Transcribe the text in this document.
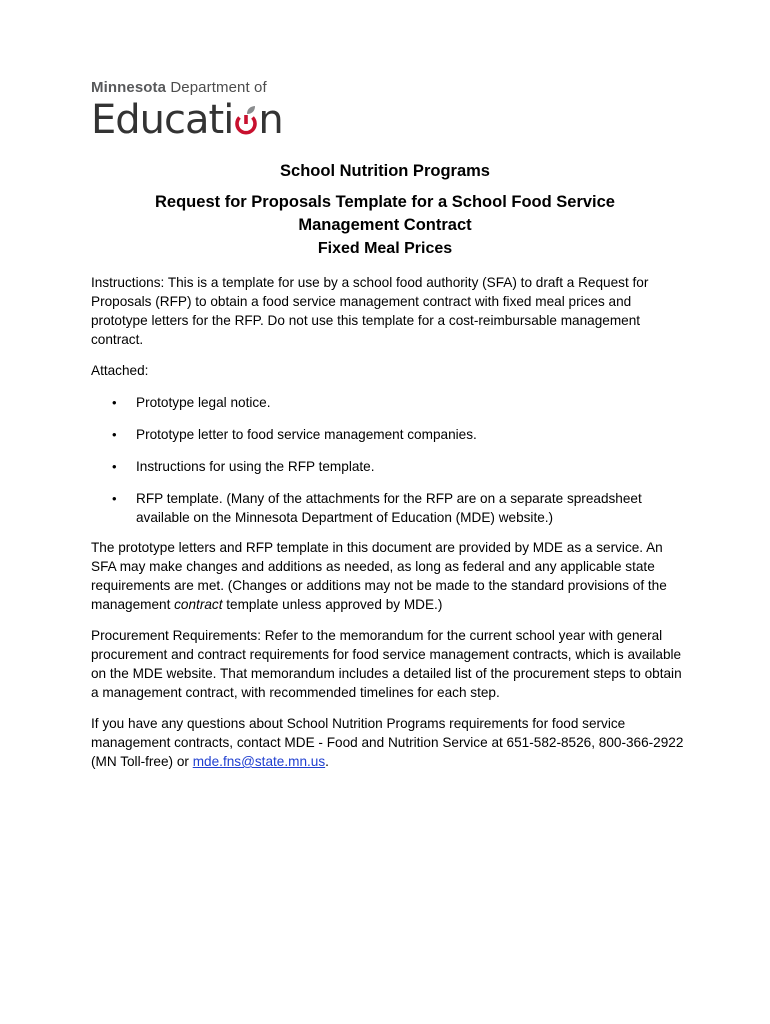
Minnesota Department of
Educati n
School Nutrition Programs
Request for Proposals Template for a School Food Service
Management Contract
Fixed Meal Prices
Instructions: This is a template for use by a school food authority (SFA) to draft a Request for Proposals (RFP) to obtain a food service management contract with fixed meal prices and prototype letters for the RFP. Do not use this template for a cost-reimbursable management contract.
Attached:
• Prototype legal notice.
• Prototype letter to food service management companies.
• Instructions for using the RFP template.
• RFP template. (Many of the attachments for the RFP are on a separate spreadsheet available on the Minnesota Department of Education (MDE) website.)
The prototype letters and RFP template in this document are provided by MDE as a service. An SFA may make changes and additions as needed, as long as federal and any applicable state requirements are met. (Changes or additions may not be made to the standard provisions of the management contract template unless approved by MDE.)
Procurement Requirements: Refer to the memorandum for the current school year with general procurement and contract requirements for food service management contracts, which is available on the MDE website. That memorandum includes a detailed list of the procurement steps to obtain a management contract, with recommended timelines for each step.
If you have any questions about School Nutrition Programs requirements for food service management contracts, contact MDE - Food and Nutrition Service at 651-582-8526, 800-366-2922 (MN Toll-free) or mde.fns@state.mn.us.
